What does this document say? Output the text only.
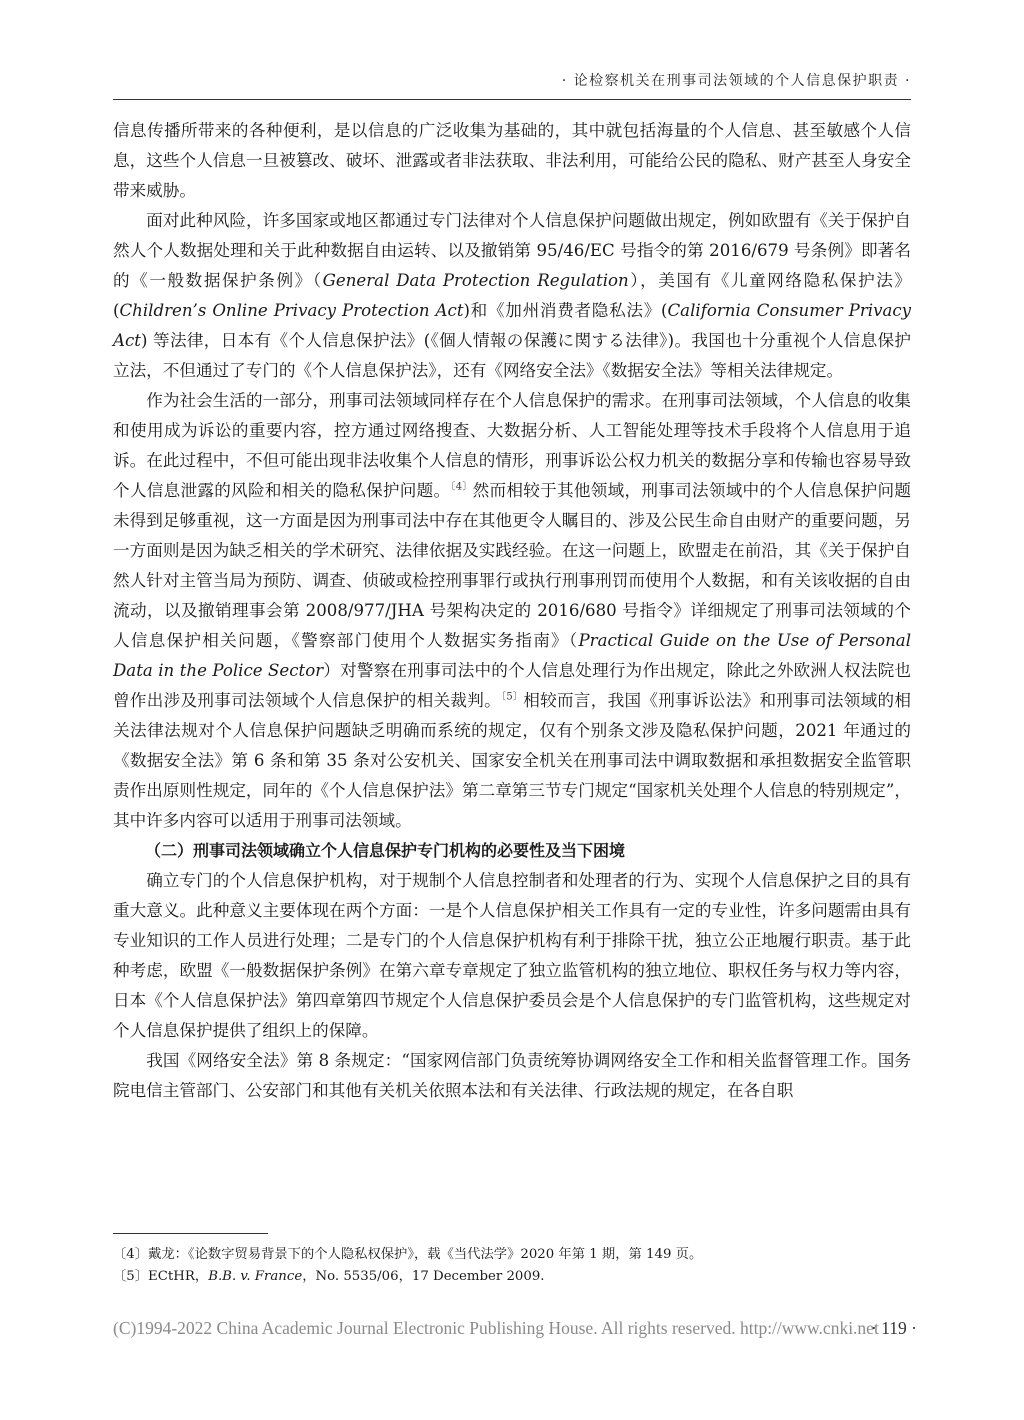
· 论检察机关在刑事司法领域的个人信息保护职责 ·

信息传播所带来的各种便利，是以信息的广泛收集为基础的，其中就包括海量的个人信息、甚至敏感个人信息，这些个人信息一旦被篡改、破坏、泄露或者非法获取、非法利用，可能给公民的隐私、财产甚至人身安全带来威胁。

面对此种风险，许多国家或地区都通过专门法律对个人信息保护问题做出规定，例如欧盟有《关于保护自然人个人数据处理和关于此种数据自由运转、以及撤销第 95/46/EC 号指令的第 2016/679 号条例》即著名的《一般数据保护条例》（General Data Protection Regulation），美国有《儿童网络隐私保护法》(Children’s Online Privacy Protection Act)和《加州消费者隐私法》(California Consumer Privacy Act) 等法律，日本有《个人信息保护法》(《個人情報の保護に関する法律》)。我国也十分重视个人信息保护立法，不但通过了专门的《个人信息保护法》，还有《网络安全法》《数据安全法》等相关法律规定。

作为社会生活的一部分，刑事司法领域同样存在个人信息保护的需求。在刑事司法领域，个人信息的收集和使用成为诉讼的重要内容，控方通过网络搜查、大数据分析、人工智能处理等技术手段将个人信息用于追诉。在此过程中，不但可能出现非法收集个人信息的情形，刑事诉讼公权力机关的数据分享和传输也容易导致个人信息泄露的风险和相关的隐私保护问题。$^{〔4〕}$然而相较于其他领域，刑事司法领域中的个人信息保护问题未得到足够重视，这一方面是因为刑事司法中存在其他更令人瞩目的、涉及公民生命自由财产的重要问题，另一方面则是因为缺乏相关的学术研究、法律依据及实践经验。在这一问题上，欧盟走在前沿，其《关于保护自然人针对主管当局为预防、调查、侦破或检控刑事罪行或执行刑事刑罚而使用个人数据，和有关该收据的自由流动，以及撤销理事会第 2008/977/JHA 号架构决定的 2016/680 号指令》详细规定了刑事司法领域的个人信息保护相关问题，《警察部门使用个人数据实务指南》（Practical Guide on the Use of Personal Data in the Police Sector）对警察在刑事司法中的个人信息处理行为作出规定，除此之外欧洲人权法院也曾作出涉及刑事司法领域个人信息保护的相关裁判。$^{〔5〕}$相较而言，我国《刑事诉讼法》和刑事司法领域的相关法律法规对个人信息保护问题缺乏明确而系统的规定，仅有个别条文涉及隐私保护问题，2021 年通过的《数据安全法》第 6 条和第 35 条对公安机关、国家安全机关在刑事司法中调取数据和承担数据安全监管职责作出原则性规定，同年的《个人信息保护法》第二章第三节专门规定“国家机关处理个人信息的特别规定”，其中许多内容可以适用于刑事司法领域。

（二）刑事司法领域确立个人信息保护专门机构的必要性及当下困境

确立专门的个人信息保护机构，对于规制个人信息控制者和处理者的行为、实现个人信息保护之目的具有重大意义。此种意义主要体现在两个方面：一是个人信息保护相关工作具有一定的专业性，许多问题需由具有专业知识的工作人员进行处理；二是专门的个人信息保护机构有利于排除干扰，独立公正地履行职责。基于此种考虑，欧盟《一般数据保护条例》在第六章专章规定了独立监管机构的独立地位、职权任务与权力等内容，日本《个人信息保护法》第四章第四节规定个人信息保护委员会是个人信息保护的专门监管机构，这些规定对个人信息保护提供了组织上的保障。

我国《网络安全法》第 8 条规定：“国家网信部门负责统筹协调网络安全工作和相关监督管理工作。国务院电信主管部门、公安部门和其他有关机关依照本法和有关法律、行政法规的规定，在各自职

〔4〕戴龙：《论数字贸易背景下的个人隐私权保护》，载《当代法学》2020 年第 1 期，第 149 页。

〔5〕ECtHR，B.B. v. France，No. 5535/06，17 December 2009.

(C)1994-2022 China Academic Journal Electronic Publishing House. All rights reserved. http://www.cnki.net
· 119 ·
